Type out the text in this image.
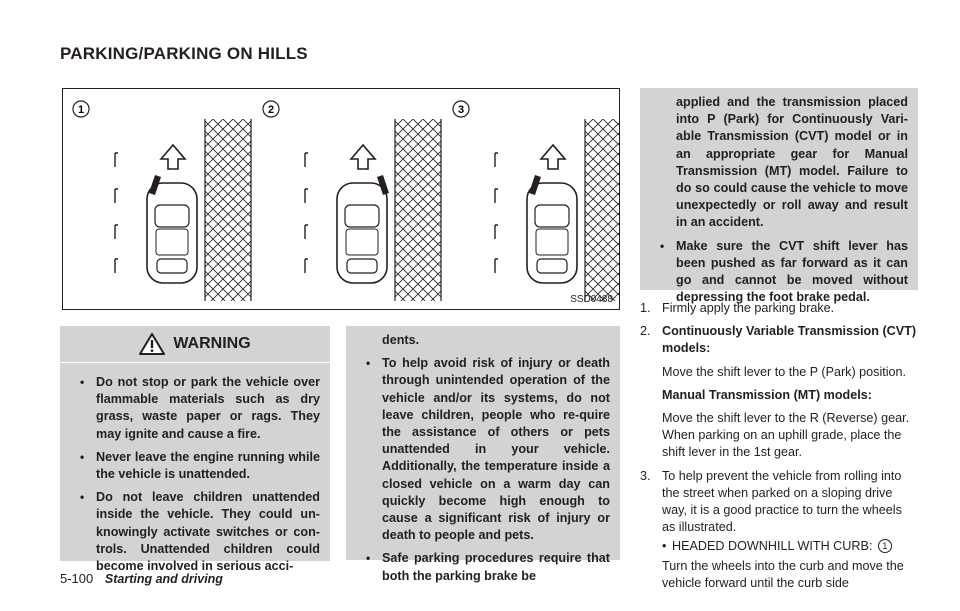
PARKING/PARKING ON HILLS
1	2	3
SSD0488
WARNING
• Do not stop or park the vehicle over flammable materials such as dry grass, waste paper or rags. They may ignite and cause a fire.
• Never leave the engine running while the vehicle is unattended.
• Do not leave children unattended inside the vehicle. They could un-knowingly activate switches or con-trols. Unattended children could become involved in serious acci-
dents.
• To help avoid risk of injury or death through unintended operation of the vehicle and/or its systems, do not leave children, people who re-quire the assistance of others or pets unattended in your vehicle. Additionally, the temperature inside a closed vehicle on a warm day can quickly become high enough to cause a significant risk of injury or death to people and pets.
• Safe parking procedures require that both the parking brake be
applied and the transmission placed into P (Park) for Continuously Vari-able Transmission (CVT) model or in an appropriate gear for Manual Transmission (MT) model. Failure to do so could cause the vehicle to move unexpectedly or roll away and result in an accident.
• Make sure the CVT shift lever has been pushed as far forward as it can go and cannot be moved without depressing the foot brake pedal.
1. Firmly apply the parking brake.
2. Continuously Variable Transmission (CVT) models:

Move the shift lever to the P (Park) position.

Manual Transmission (MT) models:

Move the shift lever to the R (Reverse) gear. When parking on an uphill grade, place the shift lever in the 1st gear.

3. To help prevent the vehicle from rolling into the street when parked on a sloping drive way, it is a good practice to turn the wheels as illustrated.

• HEADED DOWNHILL WITH CURB: 1
Turn the wheels into the curb and move the vehicle forward until the curb side
5-100 Starting and driving
